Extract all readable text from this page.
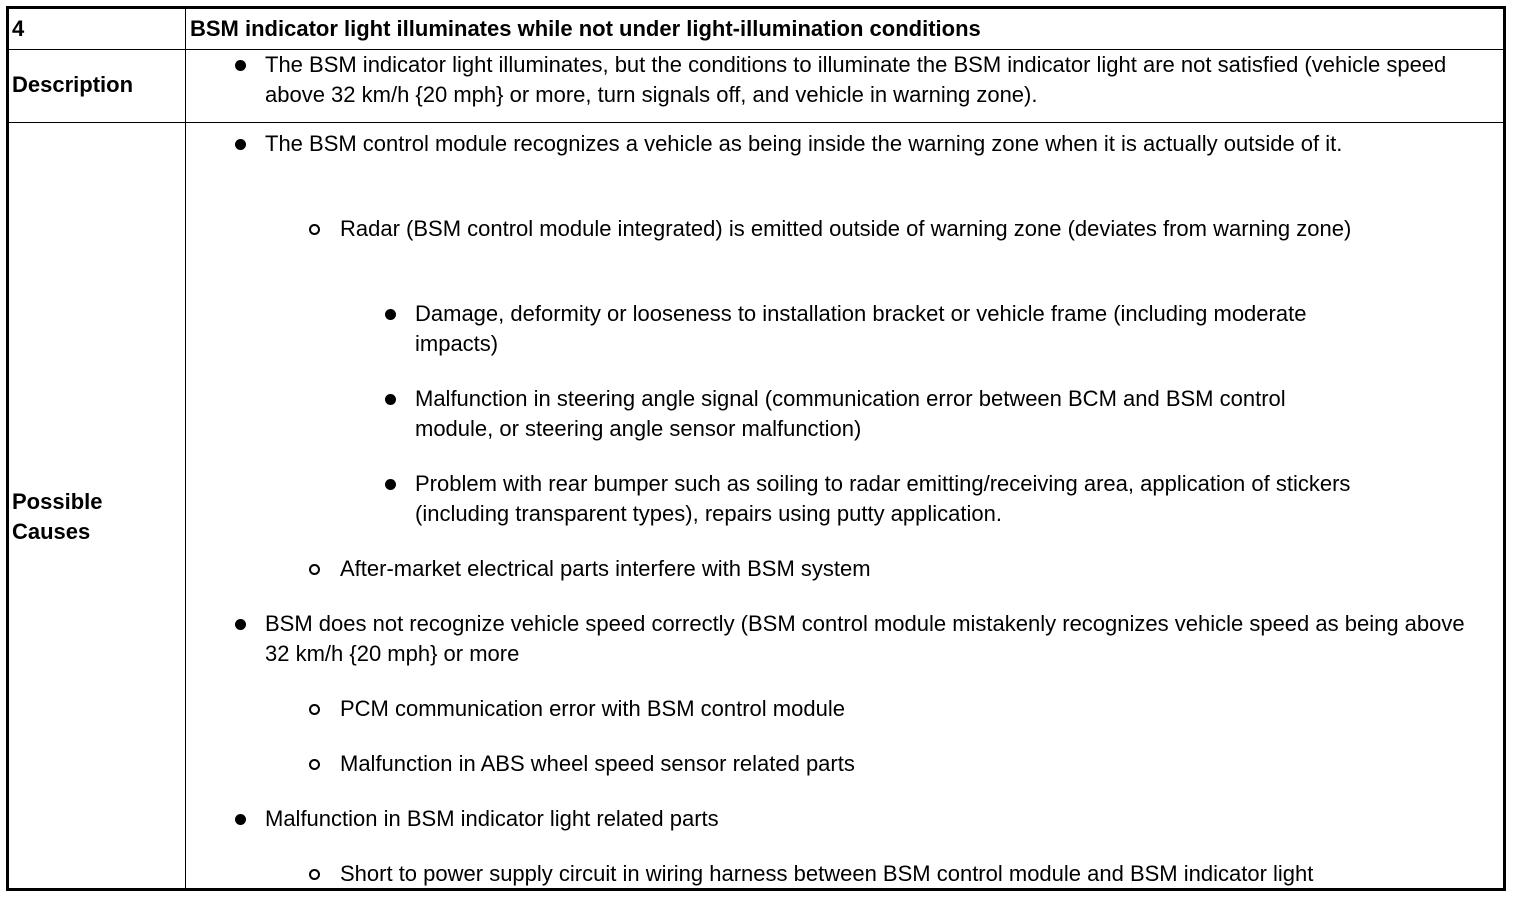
4	BSM indicator light illuminates while not under light-illumination conditions
Description
The BSM indicator light illuminates, but the conditions to illuminate the BSM indicator light are not satisfied (vehicle speed above 32 km/h {20 mph} or more, turn signals off, and vehicle in warning zone).
Possible
Causes
The BSM control module recognizes a vehicle as being inside the warning zone when it is actually outside of it.
Radar (BSM control module integrated) is emitted outside of warning zone (deviates from warning zone)
Damage, deformity or looseness to installation bracket or vehicle frame (including moderate impacts)
Malfunction in steering angle signal (communication error between BCM and BSM control module, or steering angle sensor malfunction)
Problem with rear bumper such as soiling to radar emitting/receiving area, application of stickers (including transparent types), repairs using putty application.
After-market electrical parts interfere with BSM system
BSM does not recognize vehicle speed correctly (BSM control module mistakenly recognizes vehicle speed as being above 32 km/h {20 mph} or more
PCM communication error with BSM control module
Malfunction in ABS wheel speed sensor related parts
Malfunction in BSM indicator light related parts
Short to power supply circuit in wiring harness between BSM control module and BSM indicator light
